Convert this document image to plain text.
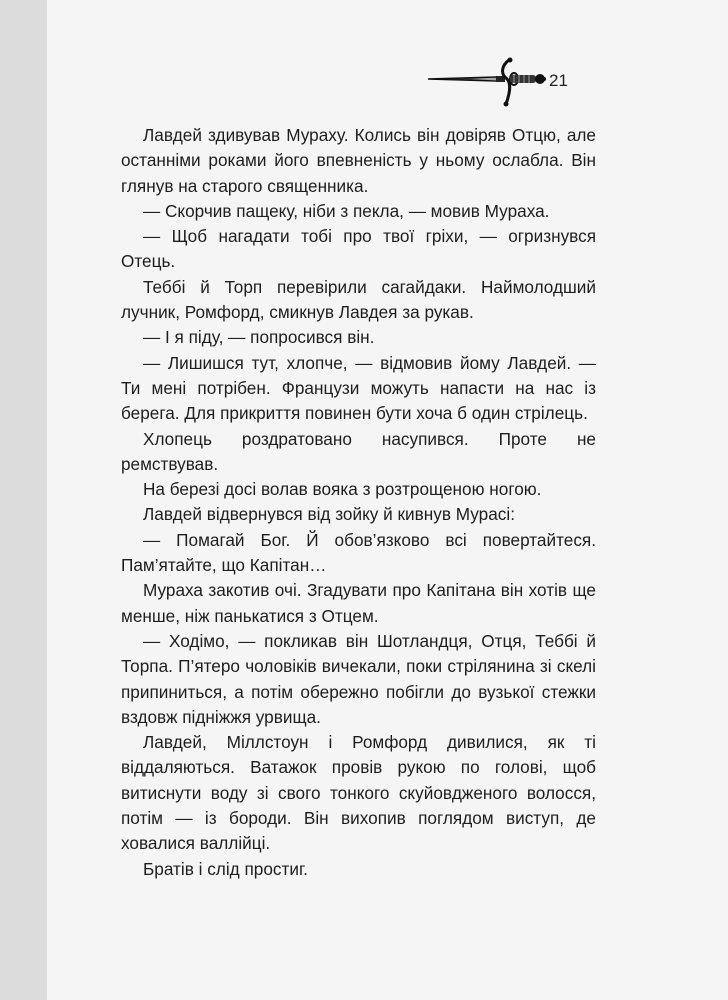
21

Лавдей здивував Мураху. Колись він довіряв Отцю, але останніми роками його впевненість у ньому ослабла. Він глянув на старого священника.

— Скорчив пащеку, ніби з пекла, — мовив Мураха.

— Щоб нагадати тобі про твої гріхи, — огризнувся Отець.

Теббі й Торп перевірили сагайдаки. Наймолодший лучник, Ромфорд, смикнув Лавдея за рукав.

— І я піду, — попросився він.

— Лишишся тут, хлопче, — відмовив йому Лавдей. — Ти мені потрібен. Французи можуть напасти на нас із берега. Для прикриття повинен бути хоча б один стрілець.

Хлопець роздратовано насупився. Проте не ремствував.

На березі досі волав вояка з розтрощеною ногою.

Лавдей відвернувся від зойку й кивнув Мурасі:

— Помагай Бог. Й обов’язково всі повертайтеся. Пам’ятайте, що Капітан…

Мураха закотив очі. Згадувати про Капітана він хотів ще менше, ніж панькатися з Отцем.

— Ходімо, — покликав він Шотландця, Отця, Теббі й Торпа. П’ятеро чоловіків вичекали, поки стрілянина зі скелі припиниться, а потім обережно побігли до вузької стежки вздовж підніжжя урвища.

Лавдей, Міллстоун і Ромфорд дивилися, як ті віддаляються. Ватажок провів рукою по голові, щоб витиснути воду зі свого тонкого скуйовдженого волосся, потім — із бороди. Він вихопив поглядом виступ, де ховалися валлійці.

Братів і слід простиг.
